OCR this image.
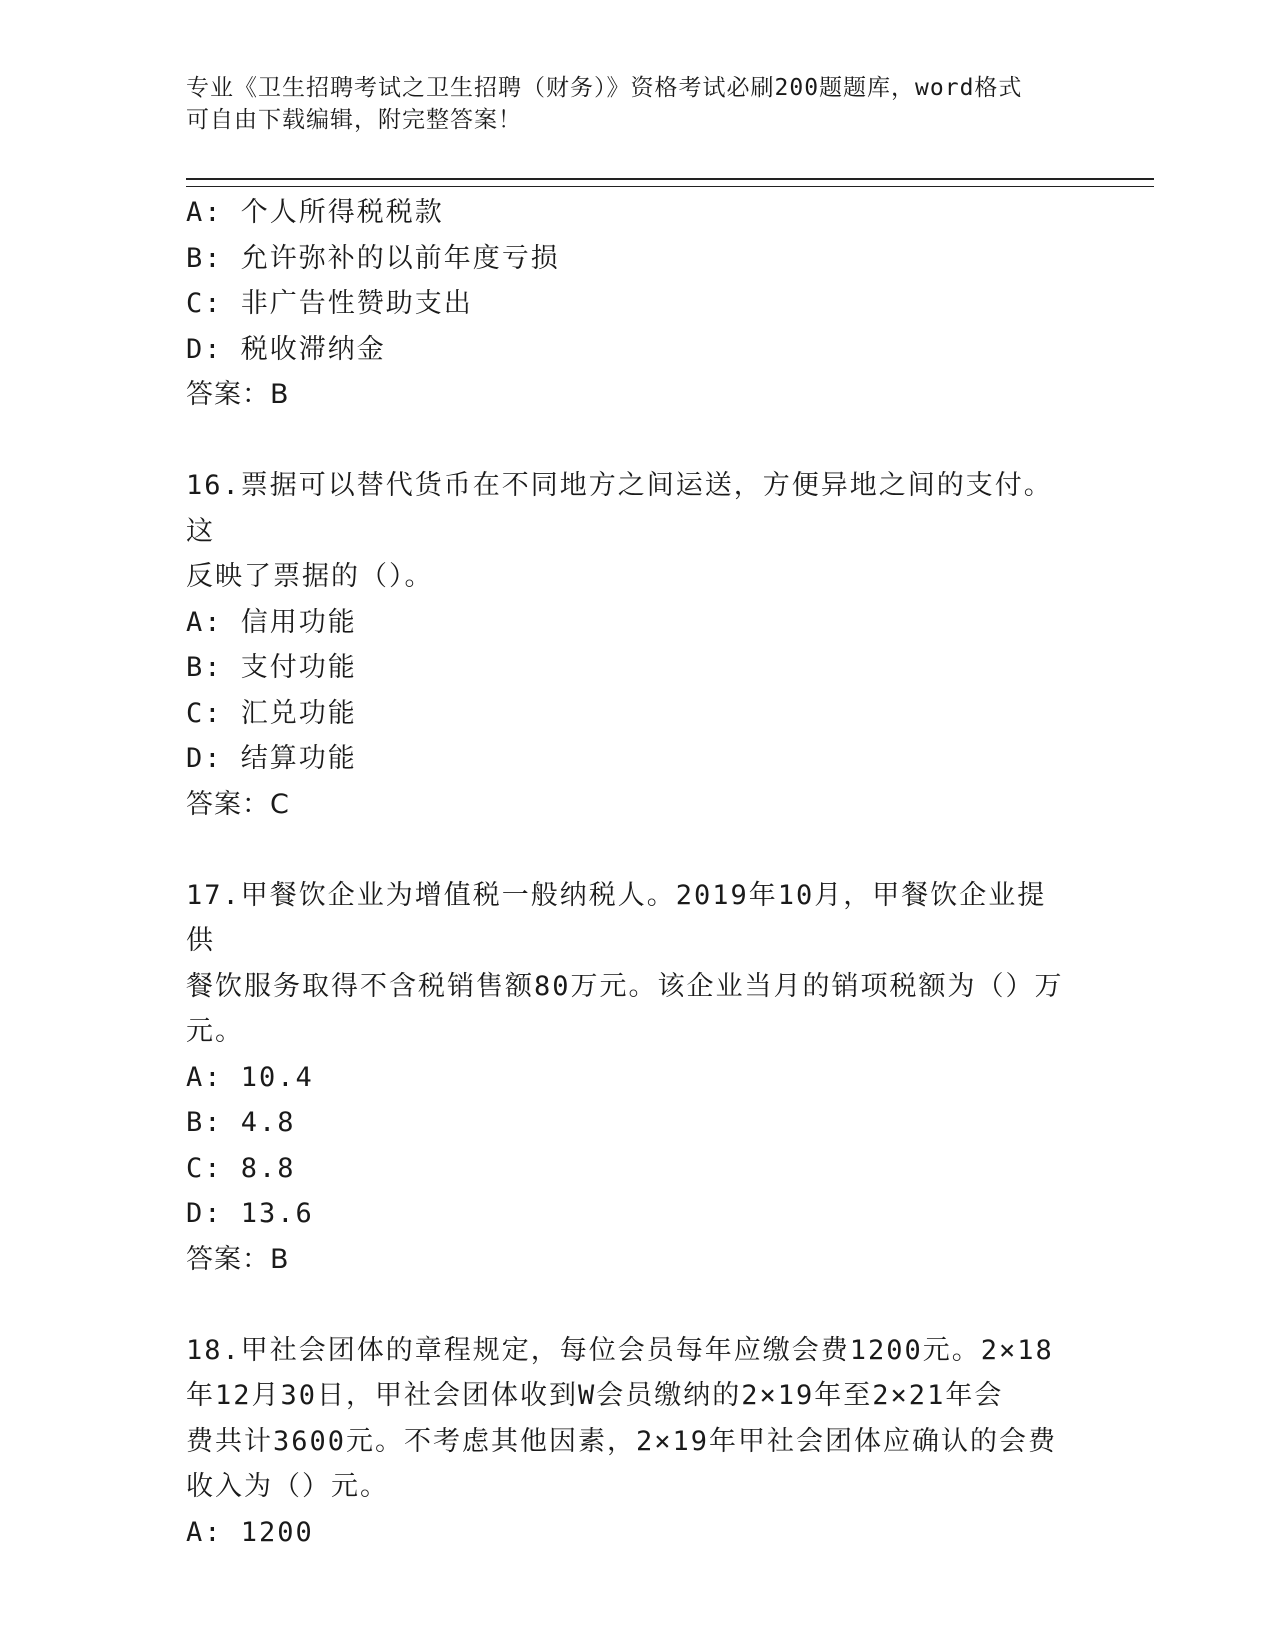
专业《卫生招聘考试之卫生招聘（财务）》资格考试必刷200题题库，word格式
可自由下载编辑，附完整答案！
A: 个人所得税税款
B: 允许弥补的以前年度亏损
C: 非广告性赞助支出
D: 税收滞纳金
答案：B
16.票据可以替代货币在不同地方之间运送，方便异地之间的支付。这
反映了票据的（）。
A: 信用功能
B: 支付功能
C: 汇兑功能
D: 结算功能
答案：C
17.甲餐饮企业为增值税一般纳税人。2019年10月，甲餐饮企业提供
餐饮服务取得不含税销售额80万元。该企业当月的销项税额为（）万
元。
A: 10.4
B: 4.8
C: 8.8
D: 13.6
答案：B
18.甲社会团体的章程规定，每位会员每年应缴会费1200元。2×18
年12月30日，甲社会团体收到W会员缴纳的2×19年至2×21年会
费共计3600元。不考虑其他因素，2×19年甲社会团体应确认的会费
收入为（）元。
A: 1200
